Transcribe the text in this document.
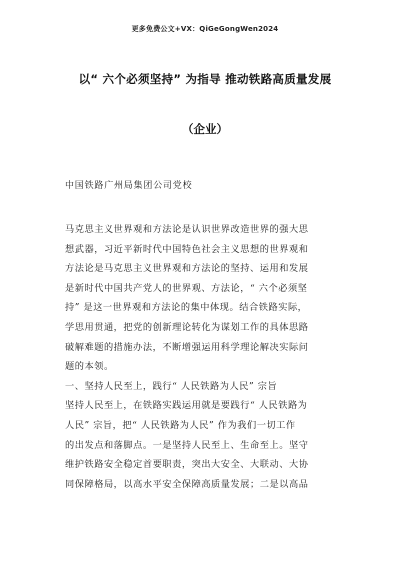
更多免费公文+VX：QiGeGongWen2024
以“ 六个必须坚持” 为指导 推动铁路高质量发展
（企业）
中国铁路广州局集团公司党校
马克思主义世界观和方法论是认识世界改造世界的强大思
想武器，习近平新时代中国特色社会主义思想的世界观和
方法论是马克思主义世界观和方法论的坚持、运用和发展
是新时代中国共产党人的世界观、方法论，“ 六个必须坚
持” 是这一世界观和方法论的集中体现。结合铁路实际，
学思用贯通，把党的创新理论转化为谋划工作的具体思路
破解难题的措施办法，不断增强运用科学理论解决实际问
题的本领。
一、坚持人民至上，践行“ 人民铁路为人民” 宗旨
坚持人民至上，在铁路实践运用就是要践行“ 人民铁路为
人民” 宗旨，把“ 人民铁路为人民” 作为我们一切工作
的出发点和落脚点。一是坚持人民至上、生命至上。坚守
维护铁路安全稳定首要职责，突出大安全、大联动、大协
同保障格局，以高水平安全保障高质量发展；二是以高品
